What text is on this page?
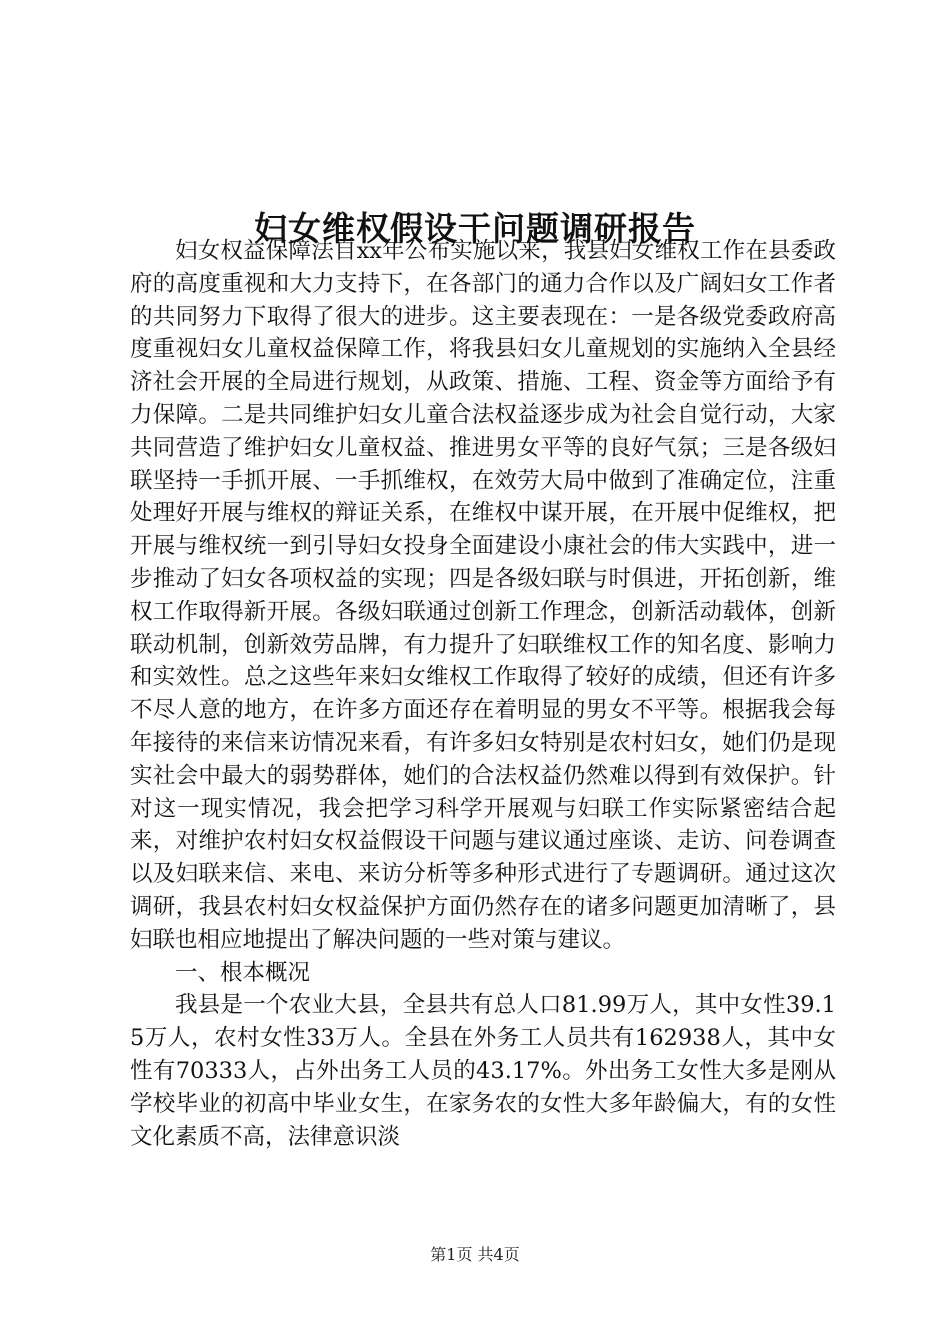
妇女维权假设干问题调研报告

妇女权益保障法自xx年公布实施以来，我县妇女维权工作在县委政府的高度重视和大力支持下，在各部门的通力合作以及广阔妇女工作者的共同努力下取得了很大的进步。这主要表现在：一是各级党委政府高度重视妇女儿童权益保障工作，将我县妇女儿童规划的实施纳入全县经济社会开展的全局进行规划，从政策、措施、工程、资金等方面给予有力保障。二是共同维护妇女儿童合法权益逐步成为社会自觉行动，大家共同营造了维护妇女儿童权益、推进男女平等的良好气氛；三是各级妇联坚持一手抓开展、一手抓维权，在效劳大局中做到了准确定位，注重处理好开展与维权的辩证关系，在维权中谋开展，在开展中促维权，把开展与维权统一到引导妇女投身全面建设小康社会的伟大实践中，进一步推动了妇女各项权益的实现；四是各级妇联与时俱进，开拓创新，维权工作取得新开展。各级妇联通过创新工作理念，创新活动载体，创新联动机制，创新效劳品牌，有力提升了妇联维权工作的知名度、影响力和实效性。总之这些年来妇女维权工作取得了较好的成绩，但还有许多不尽人意的地方，在许多方面还存在着明显的男女不平等。根据我会每年接待的来信来访情况来看，有许多妇女特别是农村妇女，她们仍是现实社会中最大的弱势群体，她们的合法权益仍然难以得到有效保护。针对这一现实情况，我会把学习科学开展观与妇联工作实际紧密结合起来，对维护农村妇女权益假设干问题与建议通过座谈、走访、问卷调查以及妇联来信、来电、来访分析等多种形式进行了专题调研。通过这次调研，我县农村妇女权益保护方面仍然存在的诸多问题更加清晰了，县妇联也相应地提出了解决问题的一些对策与建议。

一、根本概况

我县是一个农业大县，全县共有总人口81.99万人，其中女性39.15万人，农村女性33万人。全县在外务工人员共有162938人，其中女性有70333人，占外出务工人员的43.17%。外出务工女性大多是刚从学校毕业的初高中毕业女生，在家务农的女性大多年龄偏大，有的女性文化素质不高，法律意识淡

第1页 共4页
